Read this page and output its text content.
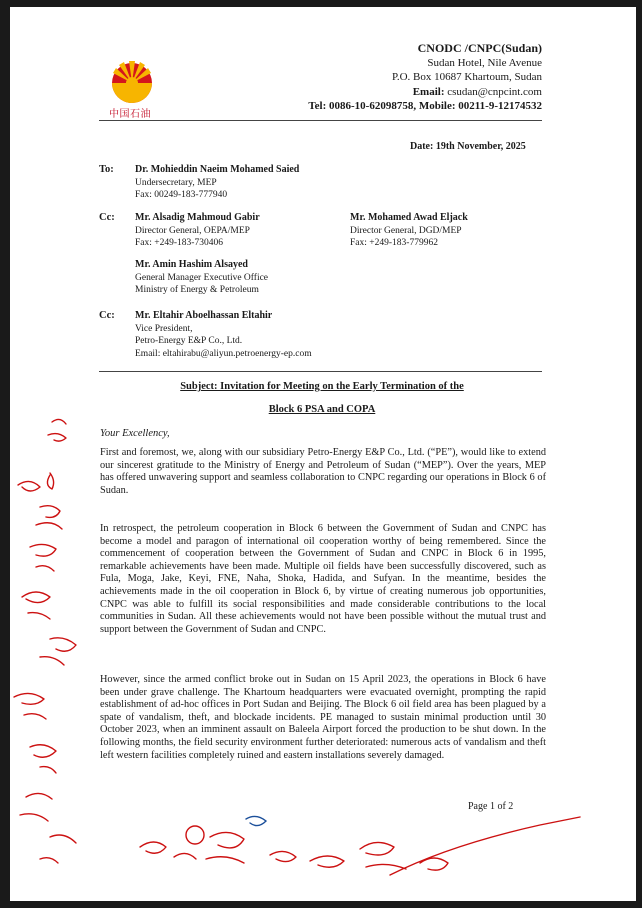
中国石油
CNODC /CNPC(Sudan)
Sudan Hotel, Nile Avenue
P.O. Box 10687 Khartoum, Sudan
Email: csudan@cnpcint.com
Tel: 0086-10-62098758, Mobile: 00211-9-12174532
Date: 19th November, 2025
To: Dr. Mohieddin Naeim Mohamed Saied
Undersecretary, MEP
Fax: 00249-183-777940
Cc: Mr. Alsadig Mahmoud Gabir
Director General, OEPA/MEP
Fax: +249-183-730406
Mr. Mohamed Awad Eljack
Director General, DGD/MEP
Fax: +249-183-779962
Mr. Amin Hashim Alsayed
General Manager Executive Office
Ministry of Energy & Petroleum
Cc: Mr. Eltahir Aboelhassan Eltahir
Vice President,
Petro-Energy E&P Co., Ltd.
Email: eltahirabu@aliyun.petroenergy-ep.com
Subject: Invitation for Meeting on the Early Termination of the
Block 6 PSA and COPA
Your Excellency,
First and foremost, we, along with our subsidiary Petro-Energy E&P Co., Ltd. (“PE”), would like to extend our sincerest gratitude to the Ministry of Energy and Petroleum of Sudan (“MEP”). Over the years, MEP has offered unwavering support and seamless collaboration to CNPC regarding our operations in Block 6 of Sudan.
In retrospect, the petroleum cooperation in Block 6 between the Government of Sudan and CNPC has become a model and paragon of international oil cooperation worthy of being remembered. Since the commencement of cooperation between the Government of Sudan and CNPC in Block 6 in 1995, remarkable achievements have been made. Multiple oil fields have been successfully discovered, such as Fula, Moga, Jake, Keyi, FNE, Naha, Shoka, Hadida, and Sufyan. In the meantime, besides the achievements made in the oil cooperation in Block 6, by virtue of creating numerous job opportunities, CNPC was able to fulfill its social responsibilities and made considerable contributions to the local communities in Sudan. All these achievements would not have been possible without the mutual trust and support between the Government of Sudan and CNPC.
However, since the armed conflict broke out in Sudan on 15 April 2023, the operations in Block 6 have been under grave challenge. The Khartoum headquarters were evacuated overnight, prompting the rapid establishment of ad-hoc offices in Port Sudan and Beijing. The Block 6 oil field area has been plagued by a spate of vandalism, theft, and blockade incidents. PE managed to sustain minimal production until 30 October 2023, when an imminent assault on Baleela Airport forced the production to be shut down. In the following months, the field security environment further deteriorated: numerous acts of vandalism and theft left western facilities completely ruined and eastern installations severely damaged.
Page 1 of 2
